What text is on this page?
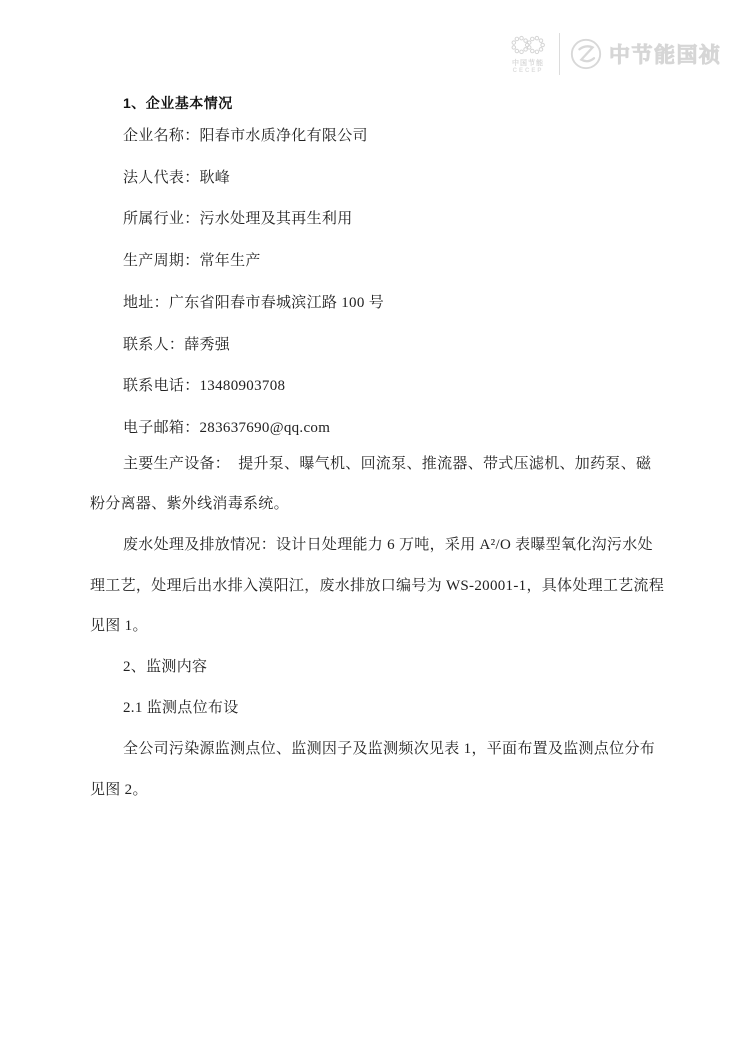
中国节能
CECEP
中节能国祯
1、企业基本情况
企业名称：阳春市水质净化有限公司
法人代表：耿峰
所属行业：污水处理及其再生利用
生产周期：常年生产
地址：广东省阳春市春城滨江路 100 号
联系人：薛秀强
联系电话：13480903708
电子邮箱：283637690@qq.com
主要生产设备：  提升泵、曝气机、回流泵、推流器、带式压滤机、加药泵、磁
粉分离器、紫外线消毒系统。
废水处理及排放情况：设计日处理能力 6 万吨，采用 A²/O 表曝型氧化沟污水处
理工艺，处理后出水排入漠阳江，废水排放口编号为 WS-20001-1，具体处理工艺流程
见图 1。
2、监测内容
2.1 监测点位布设
全公司污染源监测点位、监测因子及监测频次见表 1，平面布置及监测点位分布
见图 2。
